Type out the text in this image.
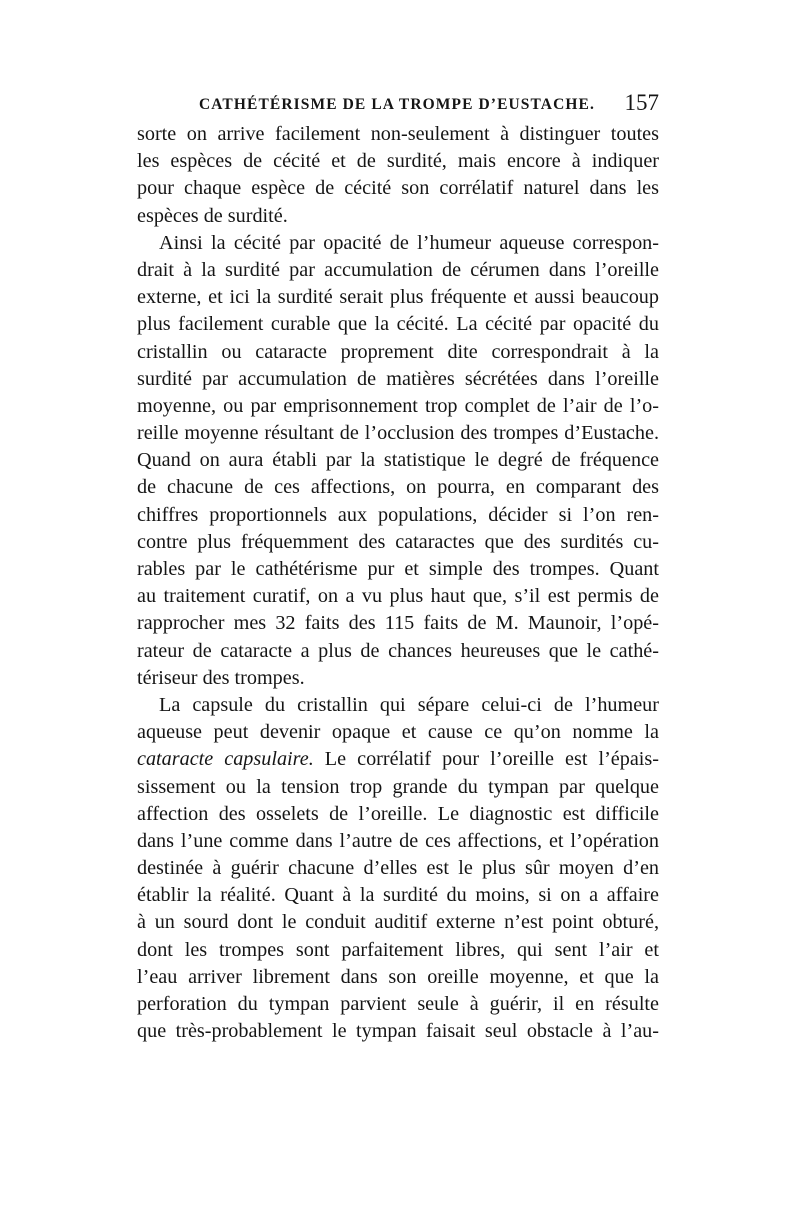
CATHÉTÉRISME DE LA TROMPE D’EUSTACHE. 157
sorte on arrive facilement non-seulement à distinguer toutes
les espèces de cécité et de surdité, mais encore à indiquer
pour chaque espèce de cécité son corrélatif naturel dans les
espèces de surdité.
Ainsi la cécité par opacité de l’humeur aqueuse correspon-
drait à la surdité par accumulation de cérumen dans l’oreille
externe, et ici la surdité serait plus fréquente et aussi beaucoup
plus facilement curable que la cécité. La cécité par opacité du
cristallin ou cataracte proprement dite correspondrait à la
surdité par accumulation de matières sécrétées dans l’oreille
moyenne, ou par emprisonnement trop complet de l’air de l’o-
reille moyenne résultant de l’occlusion des trompes d’Eustache.
Quand on aura établi par la statistique le degré de fréquence
de chacune de ces affections, on pourra, en comparant des
chiffres proportionnels aux populations, décider si l’on ren-
contre plus fréquemment des cataractes que des surdités cu-
rables par le cathétérisme pur et simple des trompes. Quant
au traitement curatif, on a vu plus haut que, s’il est permis de
rapprocher mes 32 faits des 115 faits de M. Maunoir, l’opé-
rateur de cataracte a plus de chances heureuses que le cathé-
tériseur des trompes.
La capsule du cristallin qui sépare celui-ci de l’humeur
aqueuse peut devenir opaque et cause ce qu’on nomme la
cataracte capsulaire. Le corrélatif pour l’oreille est l’épais-
sissement ou la tension trop grande du tympan par quelque
affection des osselets de l’oreille. Le diagnostic est difficile
dans l’une comme dans l’autre de ces affections, et l’opération
destinée à guérir chacune d’elles est le plus sûr moyen d’en
établir la réalité. Quant à la surdité du moins, si on a affaire
à un sourd dont le conduit auditif externe n’est point obturé,
dont les trompes sont parfaitement libres, qui sent l’air et
l’eau arriver librement dans son oreille moyenne, et que la
perforation du tympan parvient seule à guérir, il en résulte
que très-probablement le tympan faisait seul obstacle à l’au-
